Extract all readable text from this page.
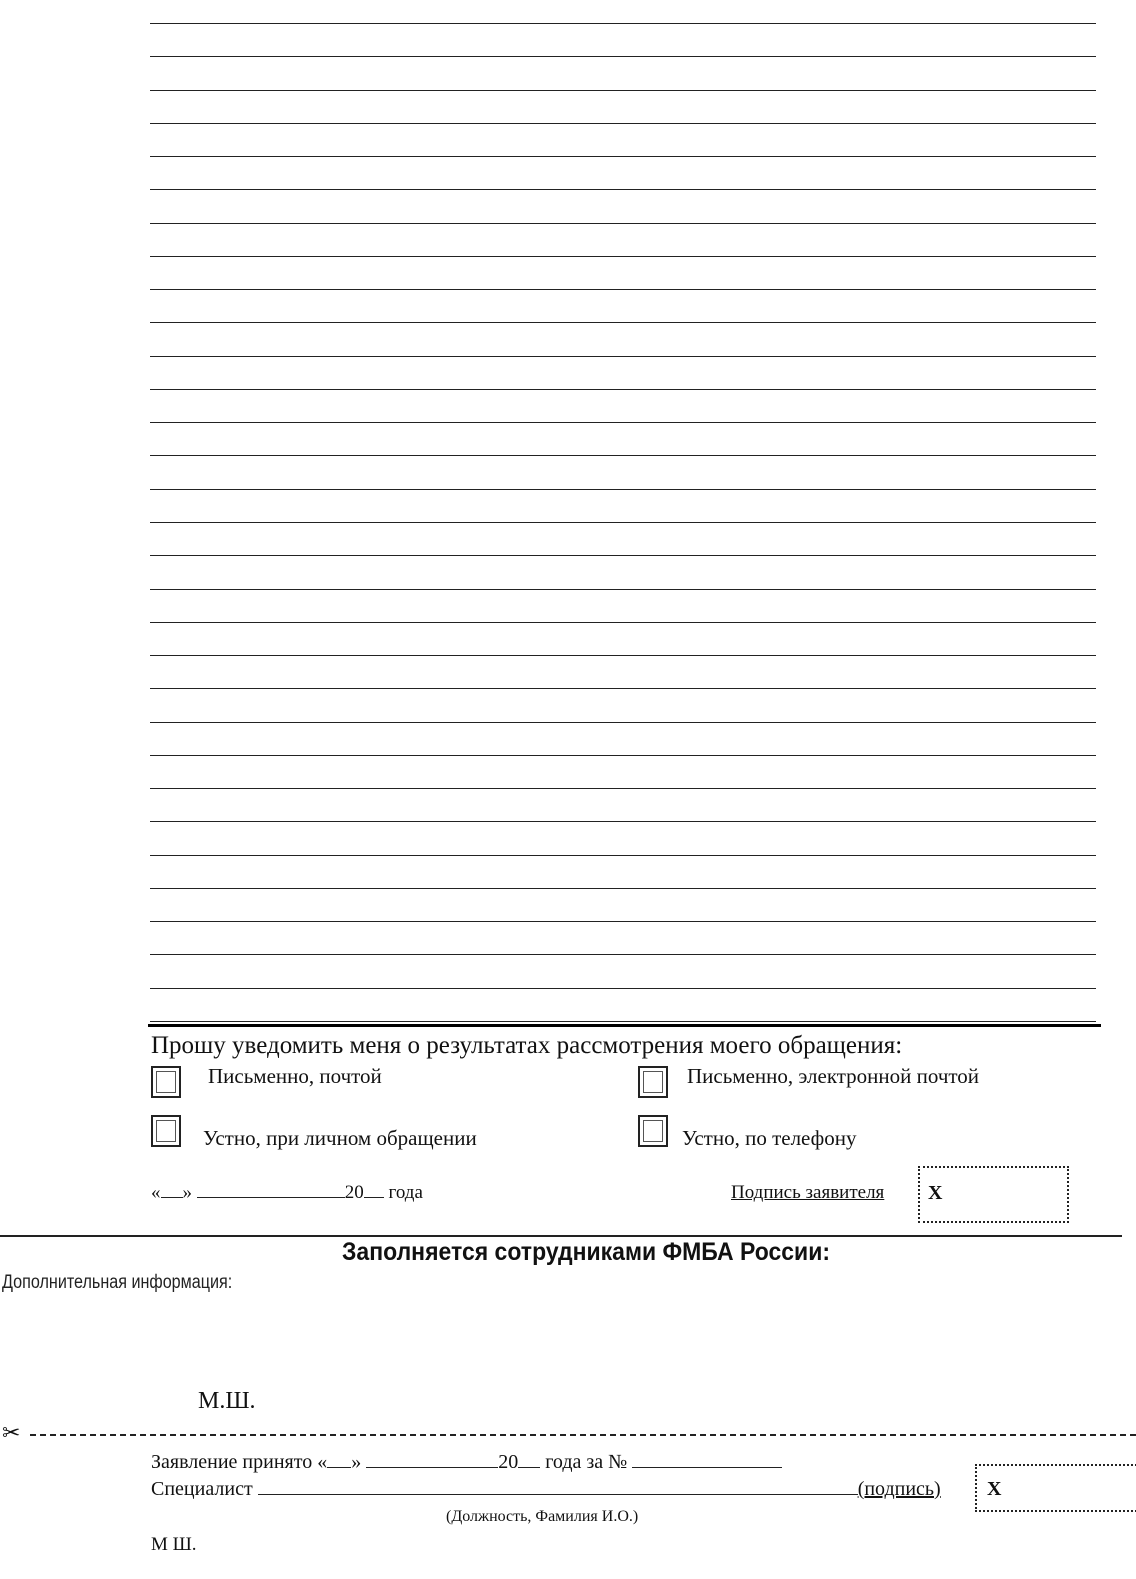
Прошу уведомить меня о результатах рассмотрения моего обращения:
Письменно, почтой	Письменно, электронной почтой
Устно, при личном обращении	Устно, по телефону
« »	20 года	Подпись заявителя X
Заполняется сотрудниками ФМБА России:
Дополнительная информация:
М.Ш.
✂
Заявление принято « »	20 года за №
Специалист	(подпись) X
(Должность, Фамилия И.О.)
М Ш.
